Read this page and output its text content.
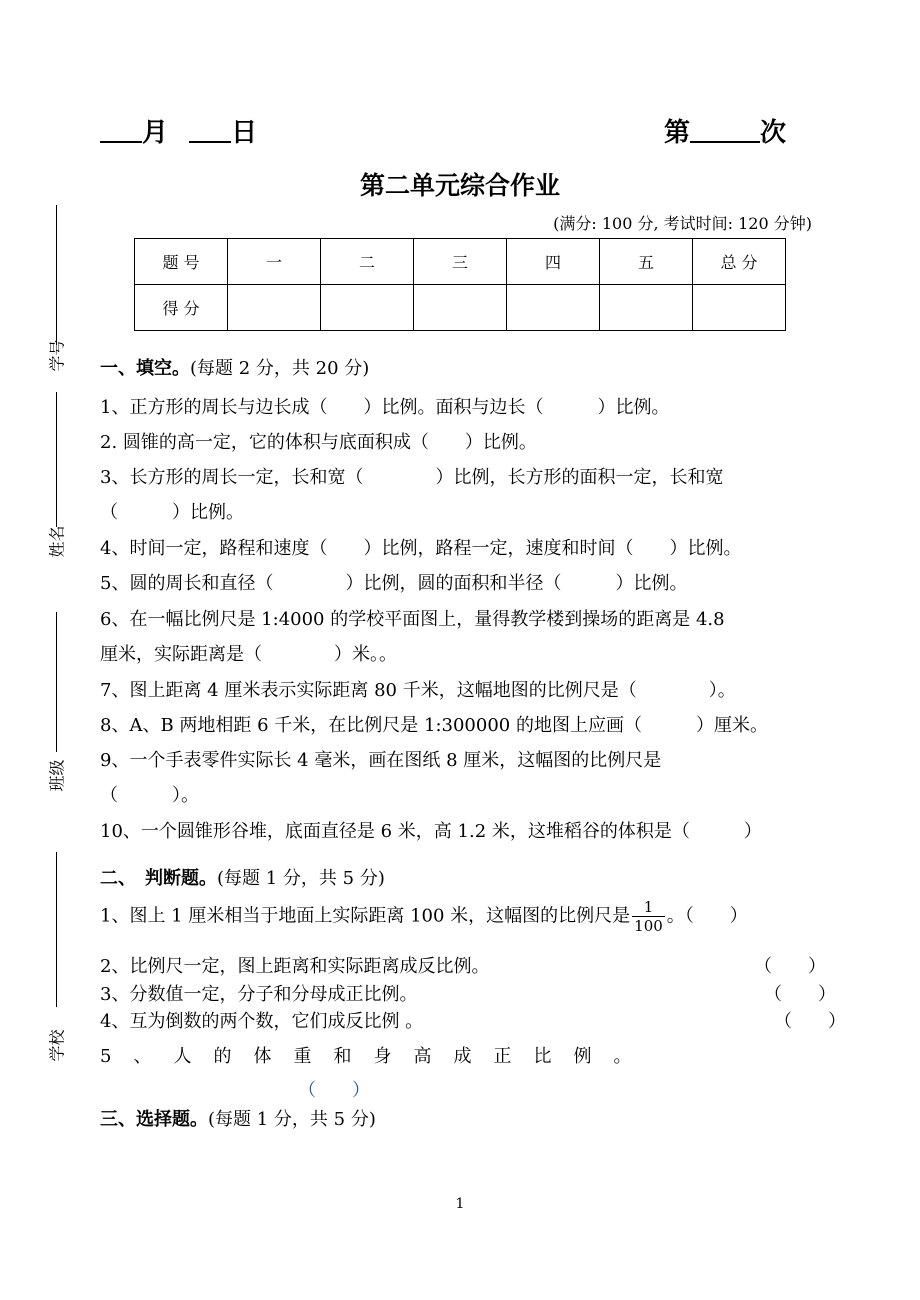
月 日	第	次
第二单元综合作业
(满分: 100 分, 考试时间: 120 分钟)
题 号	一	二	三	四	五	总 分
得 分						
学号
姓名
班级
学校
一、填空。(每题 2 分，共 20 分)
1、正方形的周长与边长成（　　）比例。面积与边长（　　　）比例。
2. 圆锥的高一定，它的体积与底面积成（　　）比例。
3、长方形的周长一定，长和宽（　　　　）比例，长方形的面积一定，长和宽
（　　　）比例。
4、时间一定，路程和速度（　　）比例，路程一定，速度和时间（　　）比例。
5、圆的周长和直径（　　　　）比例，圆的面积和半径（　　　）比例。
6、在一幅比例尺是 1:4000 的学校平面图上，量得教学楼到操场的距离是 4.8
厘米，实际距离是（　　　　）米。。
7、图上距离 4 厘米表示实际距离 80 千米，这幅地图的比例尺是（　　　　）。
8、A、B 两地相距 6 千米，在比例尺是 1:300000 的地图上应画（　　　）厘米。
9、一个手表零件实际长 4 毫米，画在图纸 8 厘米，这幅图的比例尺是
（　　　）。
10、一个圆锥形谷堆，底面直径是 6 米，高 1.2 米，这堆稻谷的体积是（　　　）
二、　判断题。(每题 1 分，共 5 分)
1、图上 1 厘米相当于地面上实际距离 100 米，这幅图的比例尺是 $\frac{1}{100}$ 。（　　）
2、比例尺一定，图上距离和实际距离成反比例。	（　　）
3、分数值一定，分子和分母成正比例。	（　　）
4、互为倒数的两个数，它们成反比例 。	（　　）
5、人的体重和身高成正比例。
（　　）
三、选择题。(每题 1 分，共 5 分)
1
